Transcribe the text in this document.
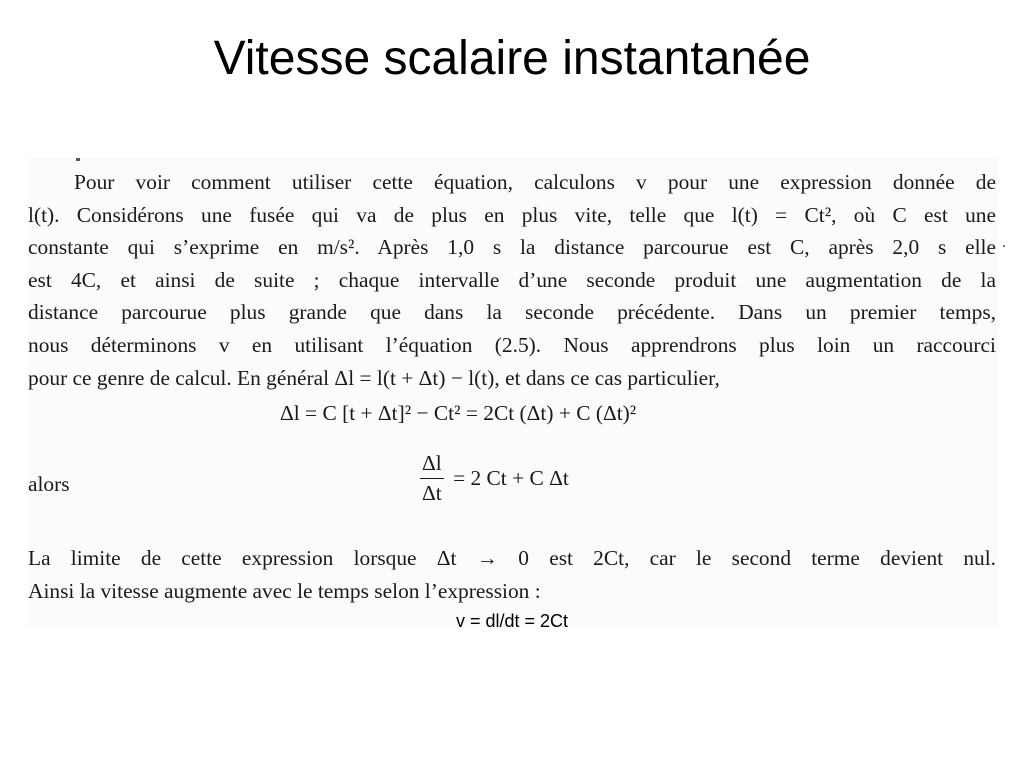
Vitesse scalaire instantanée
Pour voir comment utiliser cette équation, calculons v pour une expression donnée de
l(t). Considérons une fusée qui va de plus en plus vite, telle que l(t) = Ct², où C est une
constante qui s’exprime en m/s². Après 1,0 s la distance parcourue est C, après 2,0 s elle
est 4C, et ainsi de suite ; chaque intervalle d’une seconde produit une augmentation de la
distance parcourue plus grande que dans la seconde précédente. Dans un premier temps,
nous déterminons v en utilisant l’équation (2.5). Nous apprendrons plus loin un raccourci
pour ce genre de calcul. En général Δl = l(t + Δt) − l(t), et dans ce cas particulier,
Δl = C [t + Δt]² − Ct² = 2Ct (Δt) + C (Δt)²
alors	$\frac{\Delta l}{\Delta t} = 2$ Ct + C Δt
La limite de cette expression lorsque Δt → 0 est 2Ct, car le second terme devient nul.
Ainsi la vitesse augmente avec le temps selon l’expression :
v = dl/dt = 2Ct
